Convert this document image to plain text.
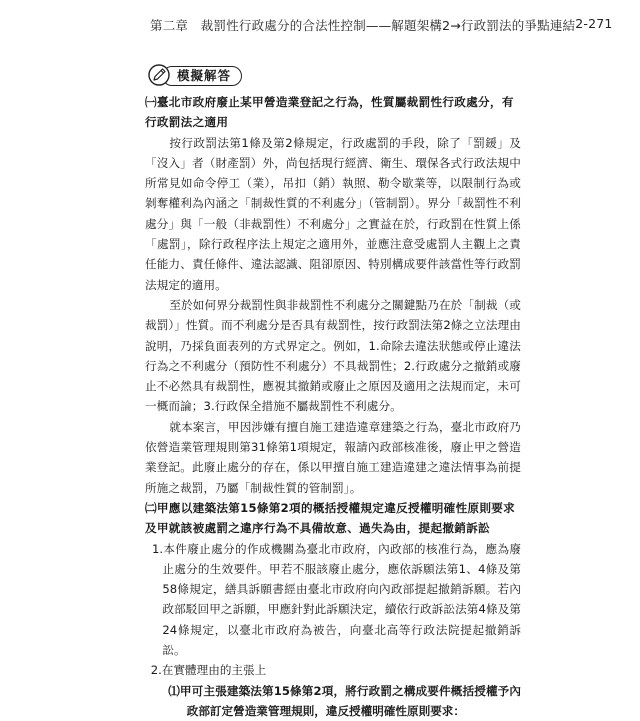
第二章　裁罰性行政處分的合法性控制——解題架構2→行政罰法的爭點連結 2-271
模擬解答
㈠臺北市政府廢止某甲營造業登記之行為，性質屬裁罰性行政處分，有行政罰法之適用
按行政罰法第1條及第2條規定，行政處罰的手段，除了「罰鍰」及「沒入」者（財產罰）外，尚包括現行經濟、衛生、環保各式行政法規中所常見如命令停工（業），吊扣（銷）執照、勒令歇業等，以限制行為或剝奪權利為內涵之「制裁性質的不利處分」（管制罰）。界分「裁罰性不利處分」與「一般（非裁罰性）不利處分」之實益在於，行政罰在性質上係「處罰」，除行政程序法上規定之適用外，並應注意受處罰人主觀上之責任能力、責任條件、違法認識、阻卻原因、特別構成要件該當性等行政罰法規定的適用。
至於如何界分裁罰性與非裁罰性不利處分之關鍵點乃在於「制裁（或裁罰）」性質。而不利處分是否具有裁罰性，按行政罰法第2條之立法理由說明，乃採負面表列的方式界定之。例如，1.命除去違法狀態或停止違法行為之不利處分（預防性不利處分）不具裁罰性；2.行政處分之撤銷或廢止不必然具有裁罰性，應視其撤銷或廢止之原因及適用之法規而定，未可一概而論；3.行政保全措施不屬裁罰性不利處分。
就本案言，甲因涉嫌有擅自施工建造違章建築之行為，臺北市政府乃依營造業管理規則第31條第1項規定，報請內政部核准後，廢止甲之營造業登記。此廢止處分的存在，係以甲擅自施工建造違建之違法情事為前提所施之裁罰，乃屬「制裁性質的管制罰」。
㈡甲應以建築法第15條第2項的概括授權規定違反授權明確性原則要求及甲就該被處罰之違序行為不具備故意、過失為由，提起撤銷訴訟
1.本件廢止處分的作成機關為臺北市政府，內政部的核准行為，應為廢止處分的生效要件。甲若不服該廢止處分，應依訴願法第1、4條及第58條規定，繕具訴願書經由臺北市政府向內政部提起撤銷訴願。若內政部駁回甲之訴願，甲應針對此訴願決定，續依行政訴訟法第4條及第24條規定，以臺北市政府為被告，向臺北高等行政法院提起撤銷訴訟。
2.在實體理由的主張上
⑴甲可主張建築法第15條第2項，將行政罰之構成要件概括授權予內政部訂定營造業管理規則，違反授權明確性原則要求：
